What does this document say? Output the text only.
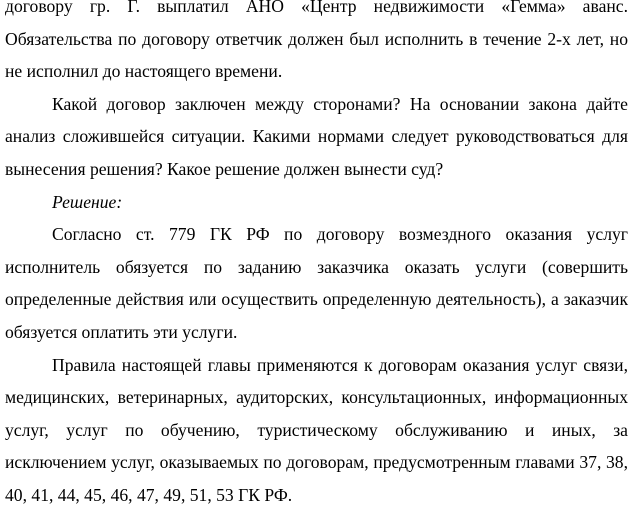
договору гр. Г. выплатил АНО «Центр недвижимости «Гемма» аванс. Обязательства по договору ответчик должен был исполнить в течение 2-х лет, но не исполнил до настоящего времени.

Какой договор заключен между сторонами? На основании закона дайте анализ сложившейся ситуации. Какими нормами следует руководствоваться для вынесения решения? Какое решение должен вынести суд?

Решение:

Согласно ст. 779 ГК РФ по договору возмездного оказания услуг исполнитель обязуется по заданию заказчика оказать услуги (совершить определенные действия или осуществить определенную деятельность), а заказчик обязуется оплатить эти услуги.

Правила настоящей главы применяются к договорам оказания услуг связи, медицинских, ветеринарных, аудиторских, консультационных, информационных услуг, услуг по обучению, туристическому обслуживанию и иных, за исключением услуг, оказываемых по договорам, предусмотренным главами 37, 38, 40, 41, 44, 45, 46, 47, 49, 51, 53 ГК РФ.
